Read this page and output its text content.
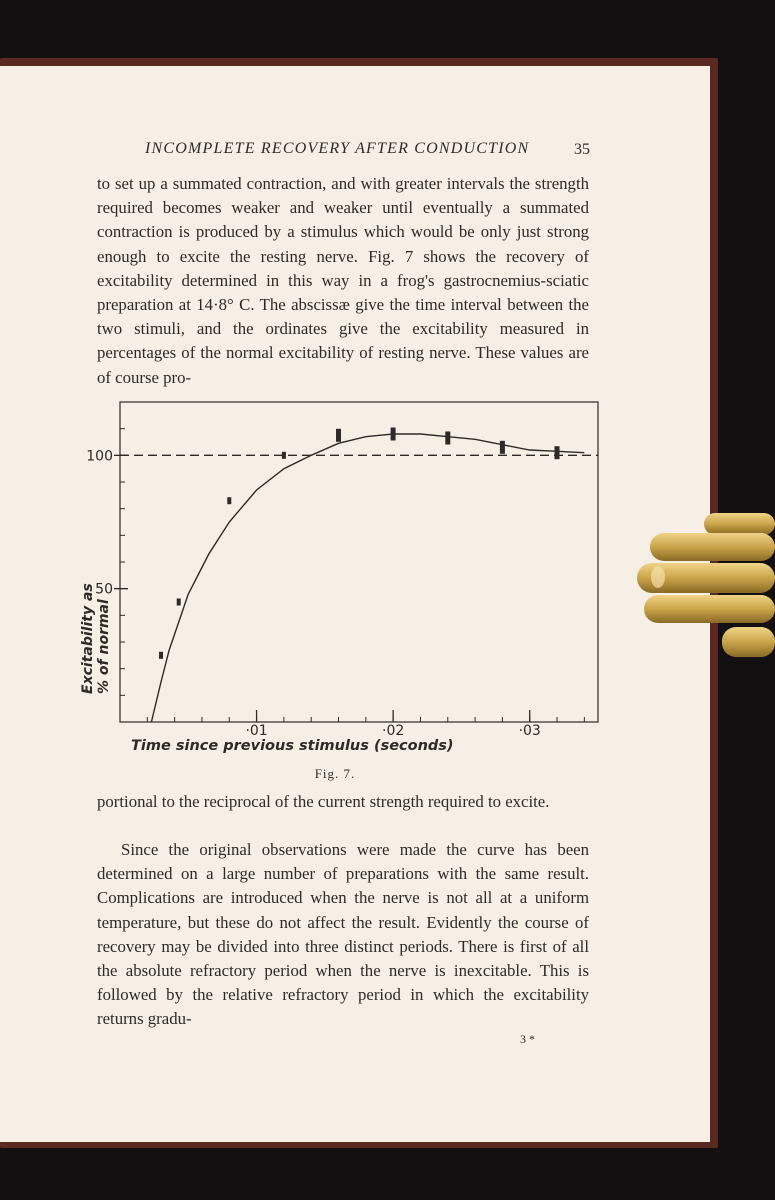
INCOMPLETE RECOVERY AFTER CONDUCTION	35

to set up a summated contraction, and with greater intervals the strength required becomes weaker and weaker until eventually a summated contraction is produced by a stimulus which would be only just strong enough to excite the resting nerve. Fig. 7 shows the recovery of excitability determined in this way in a frog's gastrocnemius-sciatic preparation at 14·8° C. The abscissæ give the time interval between the two stimuli, and the ordinates give the excitability measured in percentages of the normal excitability of resting nerve. These values are of course pro-

50
100
·01	·02	·03
Excitability as % of normal
Time since previous stimulus (seconds)
Fig. 7.

portional to the reciprocal of the current strength required to excite.

Since the original observations were made the curve has been determined on a large number of preparations with the same result. Complications are introduced when the nerve is not all at a uniform temperature, but these do not affect the result. Evidently the course of recovery may be divided into three distinct periods. There is first of all the absolute refractory period when the nerve is inexcitable. This is followed by the relative refractory period in which the excitability returns gradu-

3 *
